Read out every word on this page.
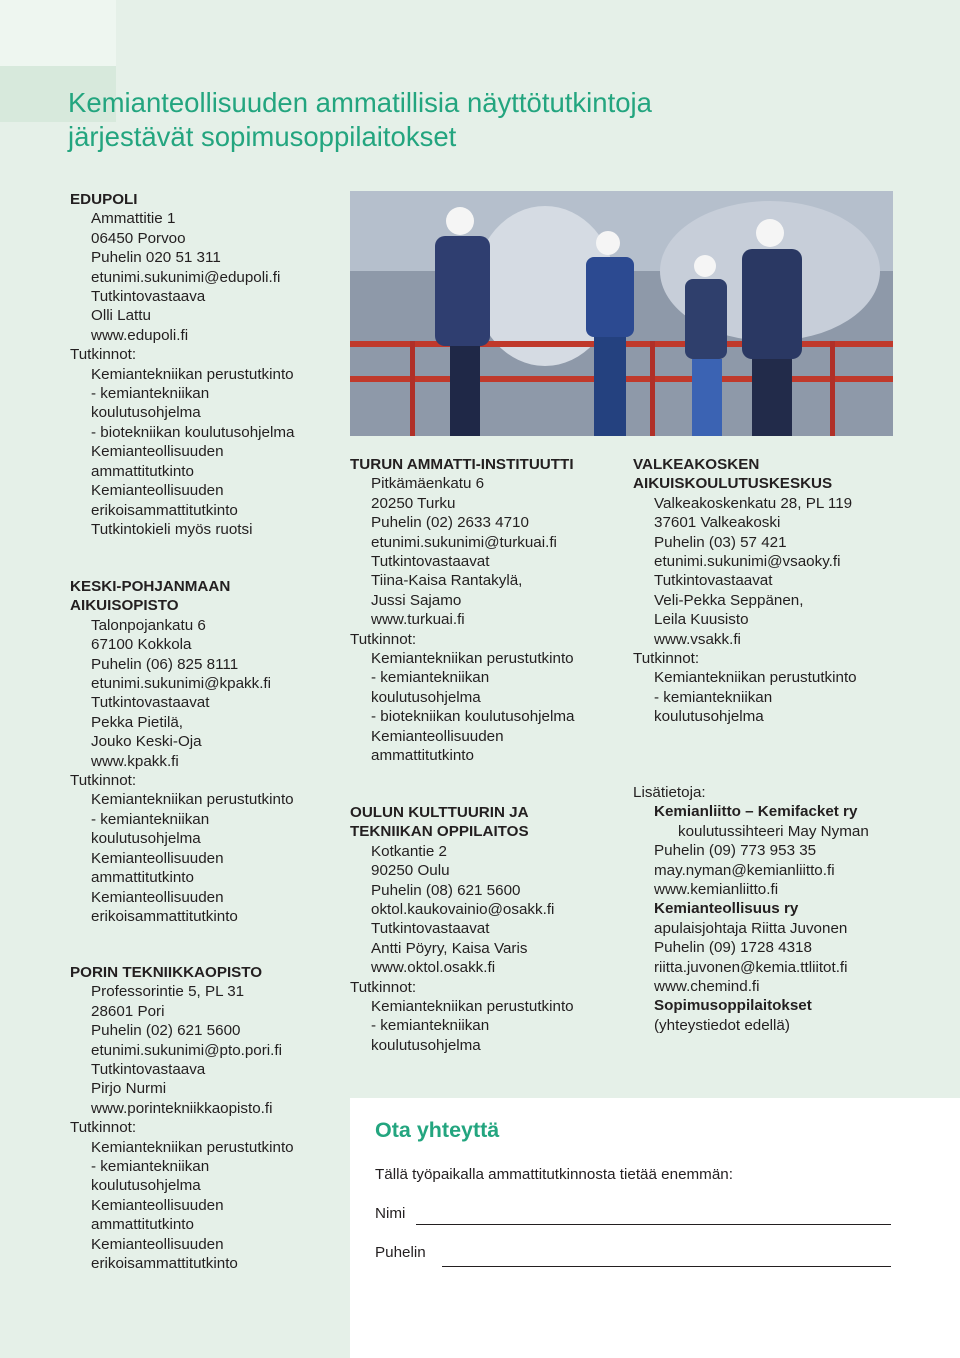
Kemianteollisuuden ammatillisia näyttötutkintoja
järjestävät sopimusoppilaitokset
EDUPOLI
Ammattitie 1
06450 Porvoo
Puhelin 020 51 311
etunimi.sukunimi@edupoli.fi
Tutkintovastaava
Olli Lattu
www.edupoli.fi
Tutkinnot:
Kemiantekniikan perustutkinto
- kemiantekniikan
koulutusohjelma
- biotekniikan koulutusohjelma
Kemianteollisuuden
ammattitutkinto
Kemianteollisuuden
erikoisammattitutkinto
Tutkintokieli myös ruotsi
KESKI-POHJANMAAN
AIKUISOPISTO
Talonpojankatu 6
67100 Kokkola
Puhelin (06) 825 8111
etunimi.sukunimi@kpakk.fi
Tutkintovastaavat
Pekka Pietilä,
Jouko Keski-Oja
www.kpakk.fi
Tutkinnot:
Kemiantekniikan perustutkinto
- kemiantekniikan
koulutusohjelma
Kemianteollisuuden
ammattitutkinto
Kemianteollisuuden
erikoisammattitutkinto
PORIN TEKNIIKKAOPISTO
Professorintie 5, PL 31
28601 Pori
Puhelin (02) 621 5600
etunimi.sukunimi@pto.pori.fi
Tutkintovastaava
Pirjo Nurmi
www.porintekniikkaopisto.fi
Tutkinnot:
Kemiantekniikan perustutkinto
- kemiantekniikan
koulutusohjelma
Kemianteollisuuden
ammattitutkinto
Kemianteollisuuden
erikoisammattitutkinto
TURUN AMMATTI-INSTITUUTTI
Pitkämäenkatu 6
20250 Turku
Puhelin (02) 2633 4710
etunimi.sukunimi@turkuai.fi
Tutkintovastaavat
Tiina-Kaisa Rantakylä,
Jussi Sajamo
www.turkuai.fi
Tutkinnot:
Kemiantekniikan perustutkinto
- kemiantekniikan
koulutusohjelma
- biotekniikan koulutusohjelma
Kemianteollisuuden
ammattitutkinto
OULUN KULTTUURIN JA
TEKNIIKAN OPPILAITOS
Kotkantie 2
90250 Oulu
Puhelin (08) 621 5600
oktol.kaukovainio@osakk.fi
Tutkintovastaavat
Antti Pöyry, Kaisa Varis
www.oktol.osakk.fi
Tutkinnot:
Kemiantekniikan perustutkinto
- kemiantekniikan
koulutusohjelma
VALKEAKOSKEN
AIKUISKOULUTUSKESKUS
Valkeakoskenkatu 28, PL 119
37601 Valkeakoski
Puhelin (03) 57 421
etunimi.sukunimi@vsaoky.fi
Tutkintovastaavat
Veli-Pekka Seppänen,
Leila Kuusisto
www.vsakk.fi
Tutkinnot:
Kemiantekniikan perustutkinto
- kemiantekniikan
koulutusohjelma
Lisätietoja:
Kemianliitto – Kemifacket ry
koulutussihteeri May Nyman
Puhelin (09) 773 953 35
may.nyman@kemianliitto.fi
www.kemianliitto.fi
Kemianteollisuus ry
apulaisjohtaja Riitta Juvonen
Puhelin (09) 1728 4318
riitta.juvonen@kemia.ttliitot.fi
www.chemind.fi
Sopimusoppilaitokset
(yhteystiedot edellä)
Ota yhteyttä
Tällä työpaikalla ammattitutkinnosta tietää enemmän:
Nimi
Puhelin
